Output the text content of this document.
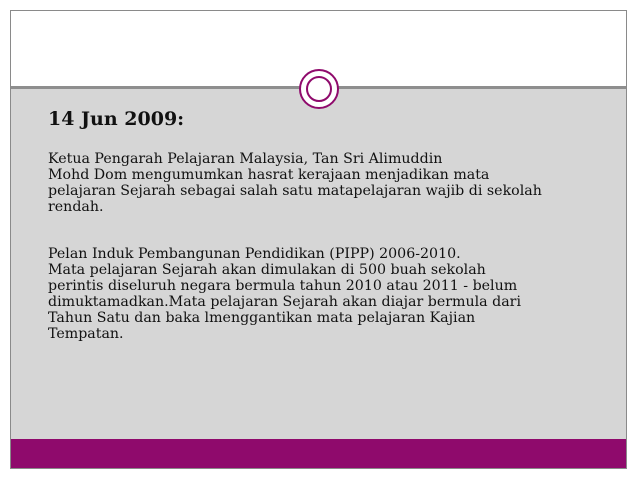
14 Jun 2009:
Ketua Pengarah Pelajaran Malaysia, Tan Sri Alimuddin
Mohd Dom mengumumkan hasrat kerajaan menjadikan mata
pelajaran Sejarah sebagai salah satu matapelajaran wajib di sekolah
rendah.
Pelan Induk Pembangunan Pendidikan (PIPP) 2006-2010.
Mata pelajaran Sejarah akan dimulakan di 500 buah sekolah
perintis diseluruh negara bermula tahun 2010 atau 2011 - belum
dimuktamadkan.Mata pelajaran Sejarah akan diajar bermula dari
Tahun Satu dan baka lmenggantikan mata pelajaran Kajian
Tempatan.
